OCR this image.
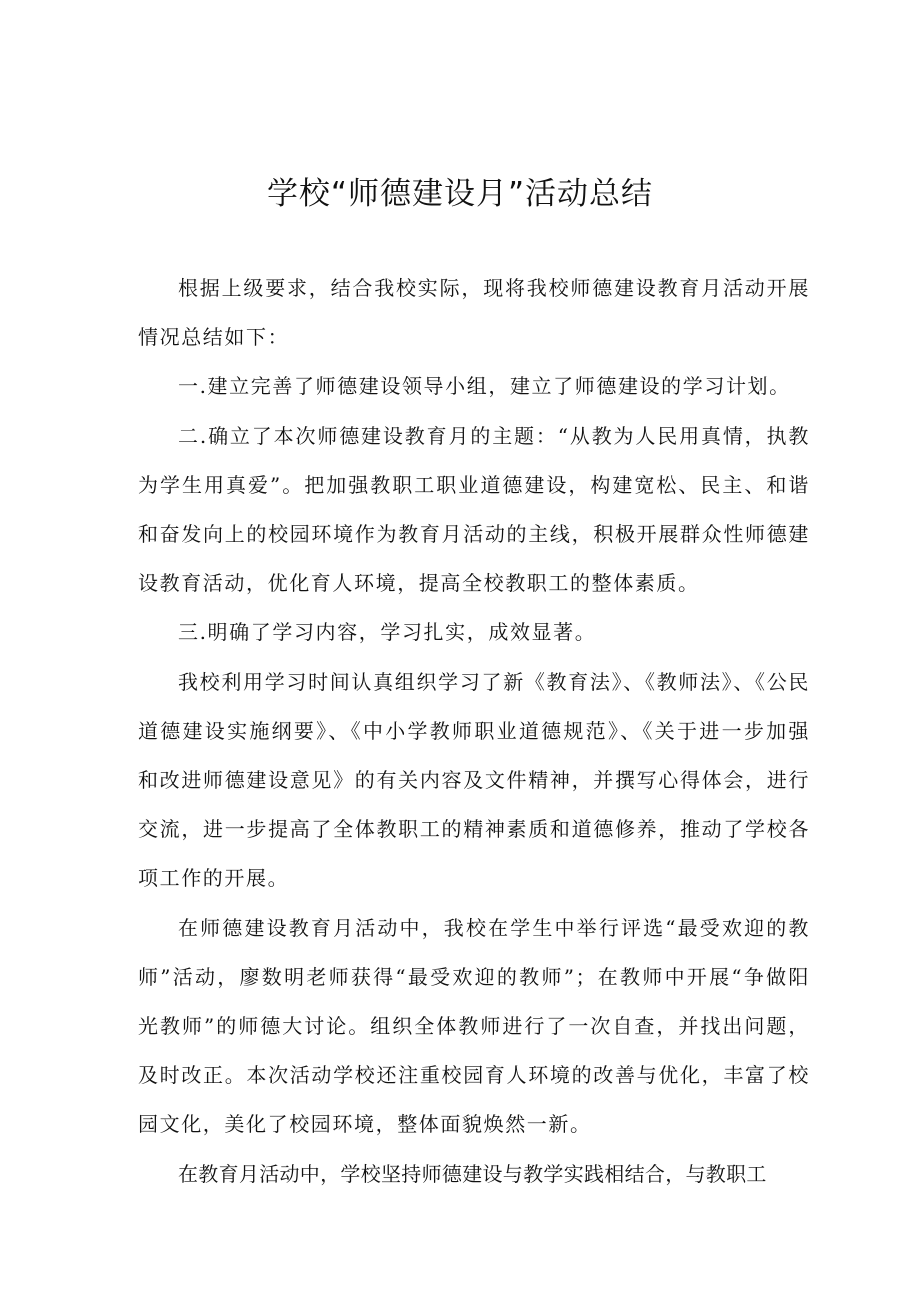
学校“师德建设月”活动总结

根据上级要求，结合我校实际，现将我校师德建设教育月活动开展情况总结如下：

一.建立完善了师德建设领导小组，建立了师德建设的学习计划。

二.确立了本次师德建设教育月的主题：“从教为人民用真情，执教为学生用真爱”。把加强教职工职业道德建设，构建宽松、民主、和谐和奋发向上的校园环境作为教育月活动的主线，积极开展群众性师德建设教育活动，优化育人环境，提高全校教职工的整体素质。

三.明确了学习内容，学习扎实，成效显著。

我校利用学习时间认真组织学习了新《教育法》、《教师法》、《公民道德建设实施纲要》、《中小学教师职业道德规范》、《关于进一步加强和改进师德建设意见》的有关内容及文件精神，并撰写心得体会，进行交流，进一步提高了全体教职工的精神素质和道德修养，推动了学校各项工作的开展。

在师德建设教育月活动中，我校在学生中举行评选“最受欢迎的教师”活动，廖数明老师获得“最受欢迎的教师”；在教师中开展“争做阳光教师”的师德大讨论。组织全体教师进行了一次自查，并找出问题，及时改正。本次活动学校还注重校园育人环境的改善与优化，丰富了校园文化，美化了校园环境，整体面貌焕然一新。

在教育月活动中，学校坚持师德建设与教学实践相结合，与教职工
